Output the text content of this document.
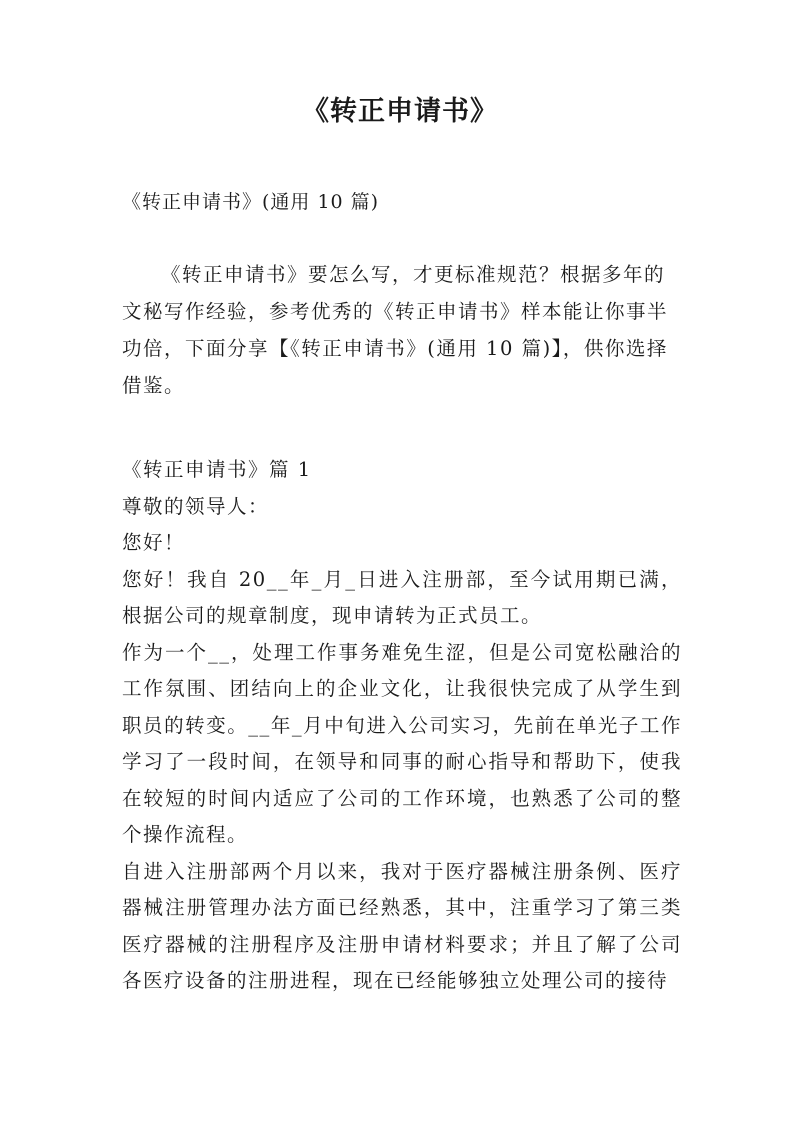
《转正申请书》
《转正申请书》(通用 10 篇)

《转正申请书》要怎么写，才更标准规范？根据多年的文秘写作经验，参考优秀的《转正申请书》样本能让你事半功倍，下面分享【《转正申请书》(通用 10 篇)】，供你选择借鉴。

《转正申请书》篇 1

尊敬的领导人：

您好！

您好！我自 20__年_月_日进入注册部，至今试用期已满，根据公司的规章制度，现申请转为正式员工。

作为一个__，处理工作事务难免生涩，但是公司宽松融洽的工作氛围、团结向上的企业文化，让我很快完成了从学生到职员的转变。__年_月中旬进入公司实习，先前在单光子工作学习了一段时间，在领导和同事的耐心指导和帮助下，使我在较短的时间内适应了公司的工作环境，也熟悉了公司的整个操作流程。

自进入注册部两个月以来，我对于医疗器械注册条例、医疗器械注册管理办法方面已经熟悉，其中，注重学习了第三类医疗器械的注册程序及注册申请材料要求；并且了解了公司各医疗设备的注册进程，现在已经能够独立处理公司的接待
